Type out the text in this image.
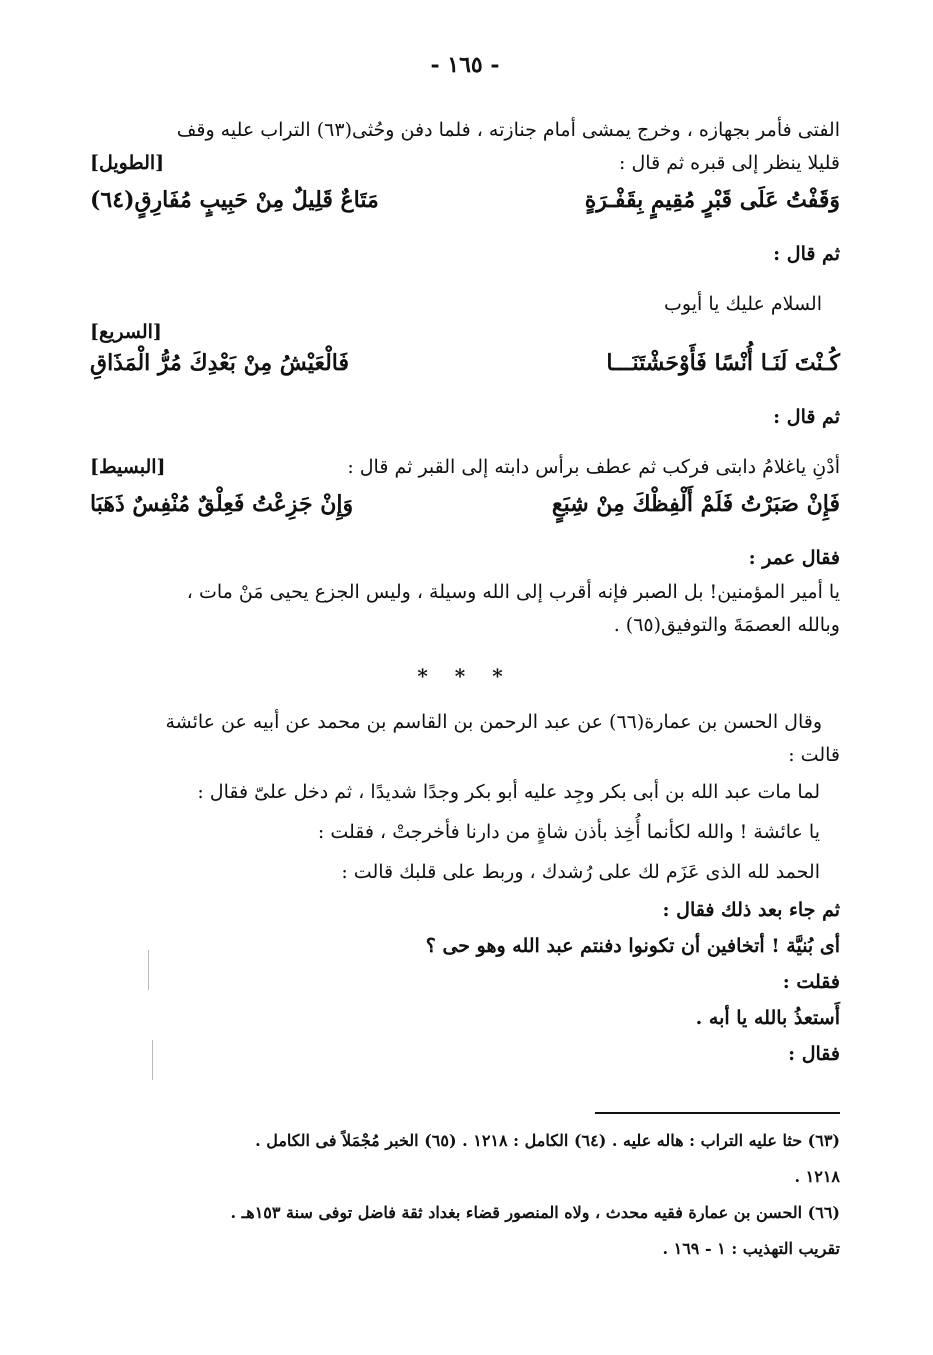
- ١٦٥ -

الفتى فأمر بجهازه ، وخرج يمشى أمام جنازته ، فلما دفن وحُثى(٦٣) التراب عليه وقف

قليلا ينظر إلى قبره ثم قال :
[الطويل]
وَقَفْتُ عَلَى قَبْرٍ مُقِيمٍ بِقَفْـرَةٍ
مَتَاعٌ قَلِيلٌ مِنْ حَبِيبٍ مُفَارِقٍ(٦٤)

ثم قال :

السلام عليك يا أيوب

[السريع]
كُـنْتَ لَنَـا أُنْسًا فَأَوْحَشْتَنَـــا
فَالْعَيْشُ مِنْ بَعْدِكَ مُرُّ الْمَذَاقِ

ثم قال :

أدْنِ ياغلامُ دابتى فركب ثم عطف برأس دابته إلى القبر ثم قال :
[البسيط]
فَإِنْ صَبَرْتُ فَلَمْ أَلْفِظْكَ مِنْ شِبَعٍ
وَإِنْ جَزِعْتُ فَعِلْقٌ مُنْفِسٌ ذَهَبَا

فقال عمر :

يا أمير المؤمنين! بل الصبر فإنه أقرب إلى الله وسيلة ، وليس الجزع يحيى مَنْ مات ،

وبالله العصمَةَ والتوفيق(٦٥) .

* * *

وقال الحسن بن عمارة(٦٦) عن عبد الرحمن بن القاسم بن محمد عن أبيه عن عائشة

قالت :

لما مات عبد الله بن أبى بكر وجِد عليه أبو بكر وجدًا شديدًا ، ثم دخل علىّ فقال :

يا عائشة ! والله لكأنما أُخِذ بأذن شاةٍ من دارنا فأخرجتْ ، فقلت :

الحمد لله الذى عَزَم لك على رُشدك ، وربط على قلبك قالت :

ثم جاء بعد ذلك فقال :

أى بُنيَّة ! أتخافين أن تكونوا دفنتم عبد الله وهو حى ؟

فقلت :

أَستعذُ بالله يا أبه .

فقال :

(٦٣) حثا عليه التراب : هاله عليه . (٦٤) الكامل : ١٢١٨ . (٦٥) الخبر مُجْمَلاً فى الكامل .

١٢١٨ .

(٦٦) الحسن بن عمارة فقيه محدث ، ولاه المنصور قضاء بغداد ثقة فاضل توفى سنة ١٥٣هـ .

تقريب التهذيب : ١ - ١٦٩ .
